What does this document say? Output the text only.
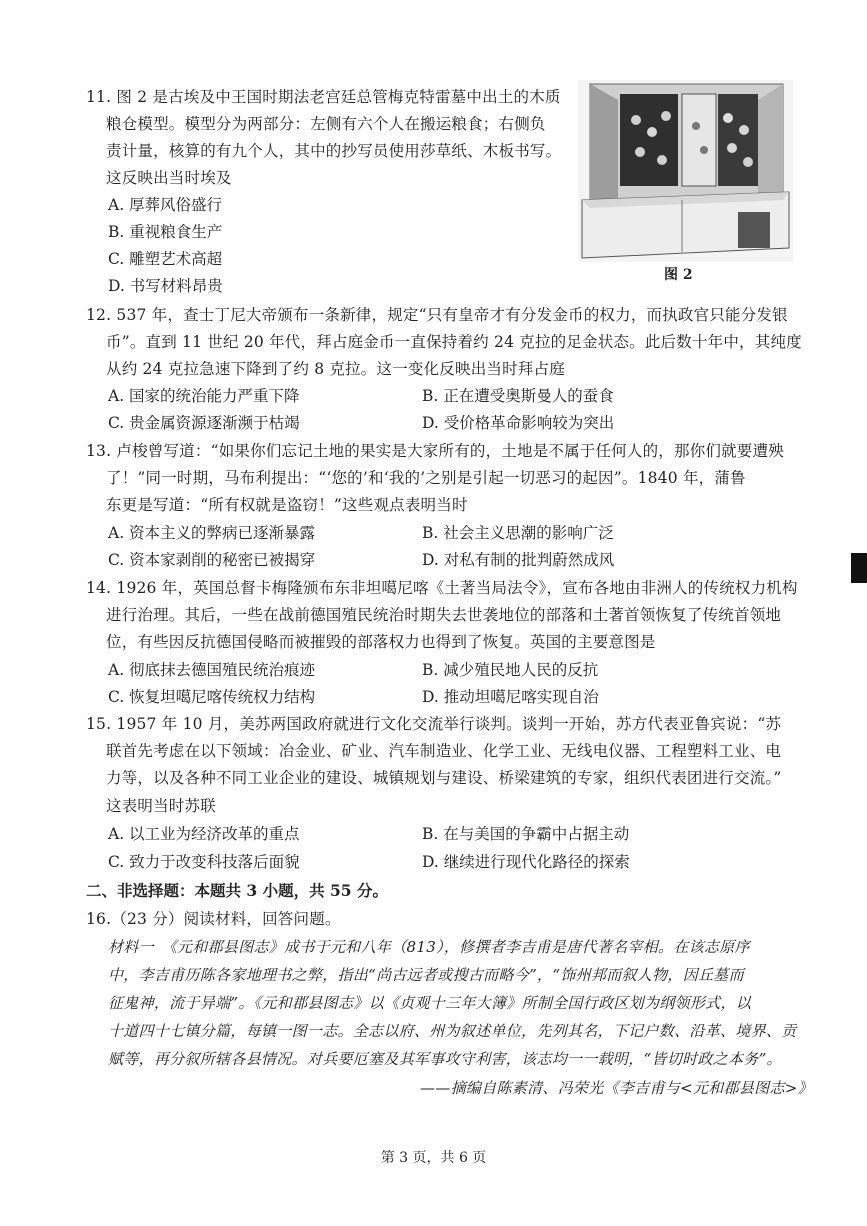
11. 图 2 是古埃及中王国时期法老宫廷总管梅克特雷墓中出土的木质
粮仓模型。模型分为两部分：左侧有六个人在搬运粮食；右侧负
责计量，核算的有九个人，其中的抄写员使用莎草纸、木板书写。
这反映出当时埃及
A. 厚葬风俗盛行
B. 重视粮食生产
C. 雕塑艺术高超
D. 书写材料昂贵
图 2
12. 537 年，查士丁尼大帝颁布一条新律，规定“只有皇帝才有分发金币的权力，而执政官只能分发银
币”。直到 11 世纪 20 年代，拜占庭金币一直保持着约 24 克拉的足金状态。此后数十年中，其纯度
从约 24 克拉急速下降到了约 8 克拉。这一变化反映出当时拜占庭
A. 国家的统治能力严重下降	B. 正在遭受奥斯曼人的蚕食
C. 贵金属资源逐渐濒于枯竭	D. 受价格革命影响较为突出
13. 卢梭曾写道：“如果你们忘记土地的果实是大家所有的，土地是不属于任何人的，那你们就要遭殃
了！”同一时期，马布利提出：“‘您的’和‘我的’之别是引起一切恶习的起因”。1840 年，蒲鲁
东更是写道：“所有权就是盗窃！”这些观点表明当时
A. 资本主义的弊病已逐渐暴露	B. 社会主义思潮的影响广泛
C. 资本家剥削的秘密已被揭穿	D. 对私有制的批判蔚然成风
14. 1926 年，英国总督卡梅隆颁布东非坦噶尼喀《土著当局法令》，宣布各地由非洲人的传统权力机构
进行治理。其后，一些在战前德国殖民统治时期失去世袭地位的部落和土著首领恢复了传统首领地
位，有些因反抗德国侵略而被摧毁的部落权力也得到了恢复。英国的主要意图是
A. 彻底抹去德国殖民统治痕迹	B. 减少殖民地人民的反抗
C. 恢复坦噶尼喀传统权力结构	D. 推动坦噶尼喀实现自治
15. 1957 年 10 月，美苏两国政府就进行文化交流举行谈判。谈判一开始，苏方代表亚鲁宾说：“苏
联首先考虑在以下领域：冶金业、矿业、汽车制造业、化学工业、无线电仪器、工程塑料工业、电
力等，以及各种不同工业企业的建设、城镇规划与建设、桥梁建筑的专家，组织代表团进行交流。”
这表明当时苏联
A. 以工业为经济改革的重点	B. 在与美国的争霸中占据主动
C. 致力于改变科技落后面貌	D. 继续进行现代化路径的探索
二、非选择题：本题共 3 小题，共 55 分。
16.（23 分）阅读材料，回答问题。
材料一　《元和郡县图志》成书于元和八年（813），修撰者李吉甫是唐代著名宰相。在该志原序
中，李吉甫历陈各家地理书之弊，指出“尚古远者或搜古而略今”，“饰州邦而叙人物，因丘墓而
征鬼神，流于异端”。《元和郡县图志》以《贞观十三年大簿》所制全国行政区划为纲领形式，以
十道四十七镇分篇，每镇一图一志。全志以府、州为叙述单位，先列其名，下记户数、沿革、境界、贡
赋等，再分叙所辖各县情况。对兵要厄塞及其军事攻守利害，该志均一一载明，“皆切时政之本务”。
——摘编自陈素清、冯荣光《李吉甫与<元和郡县图志>》
第 3 页，共 6 页
